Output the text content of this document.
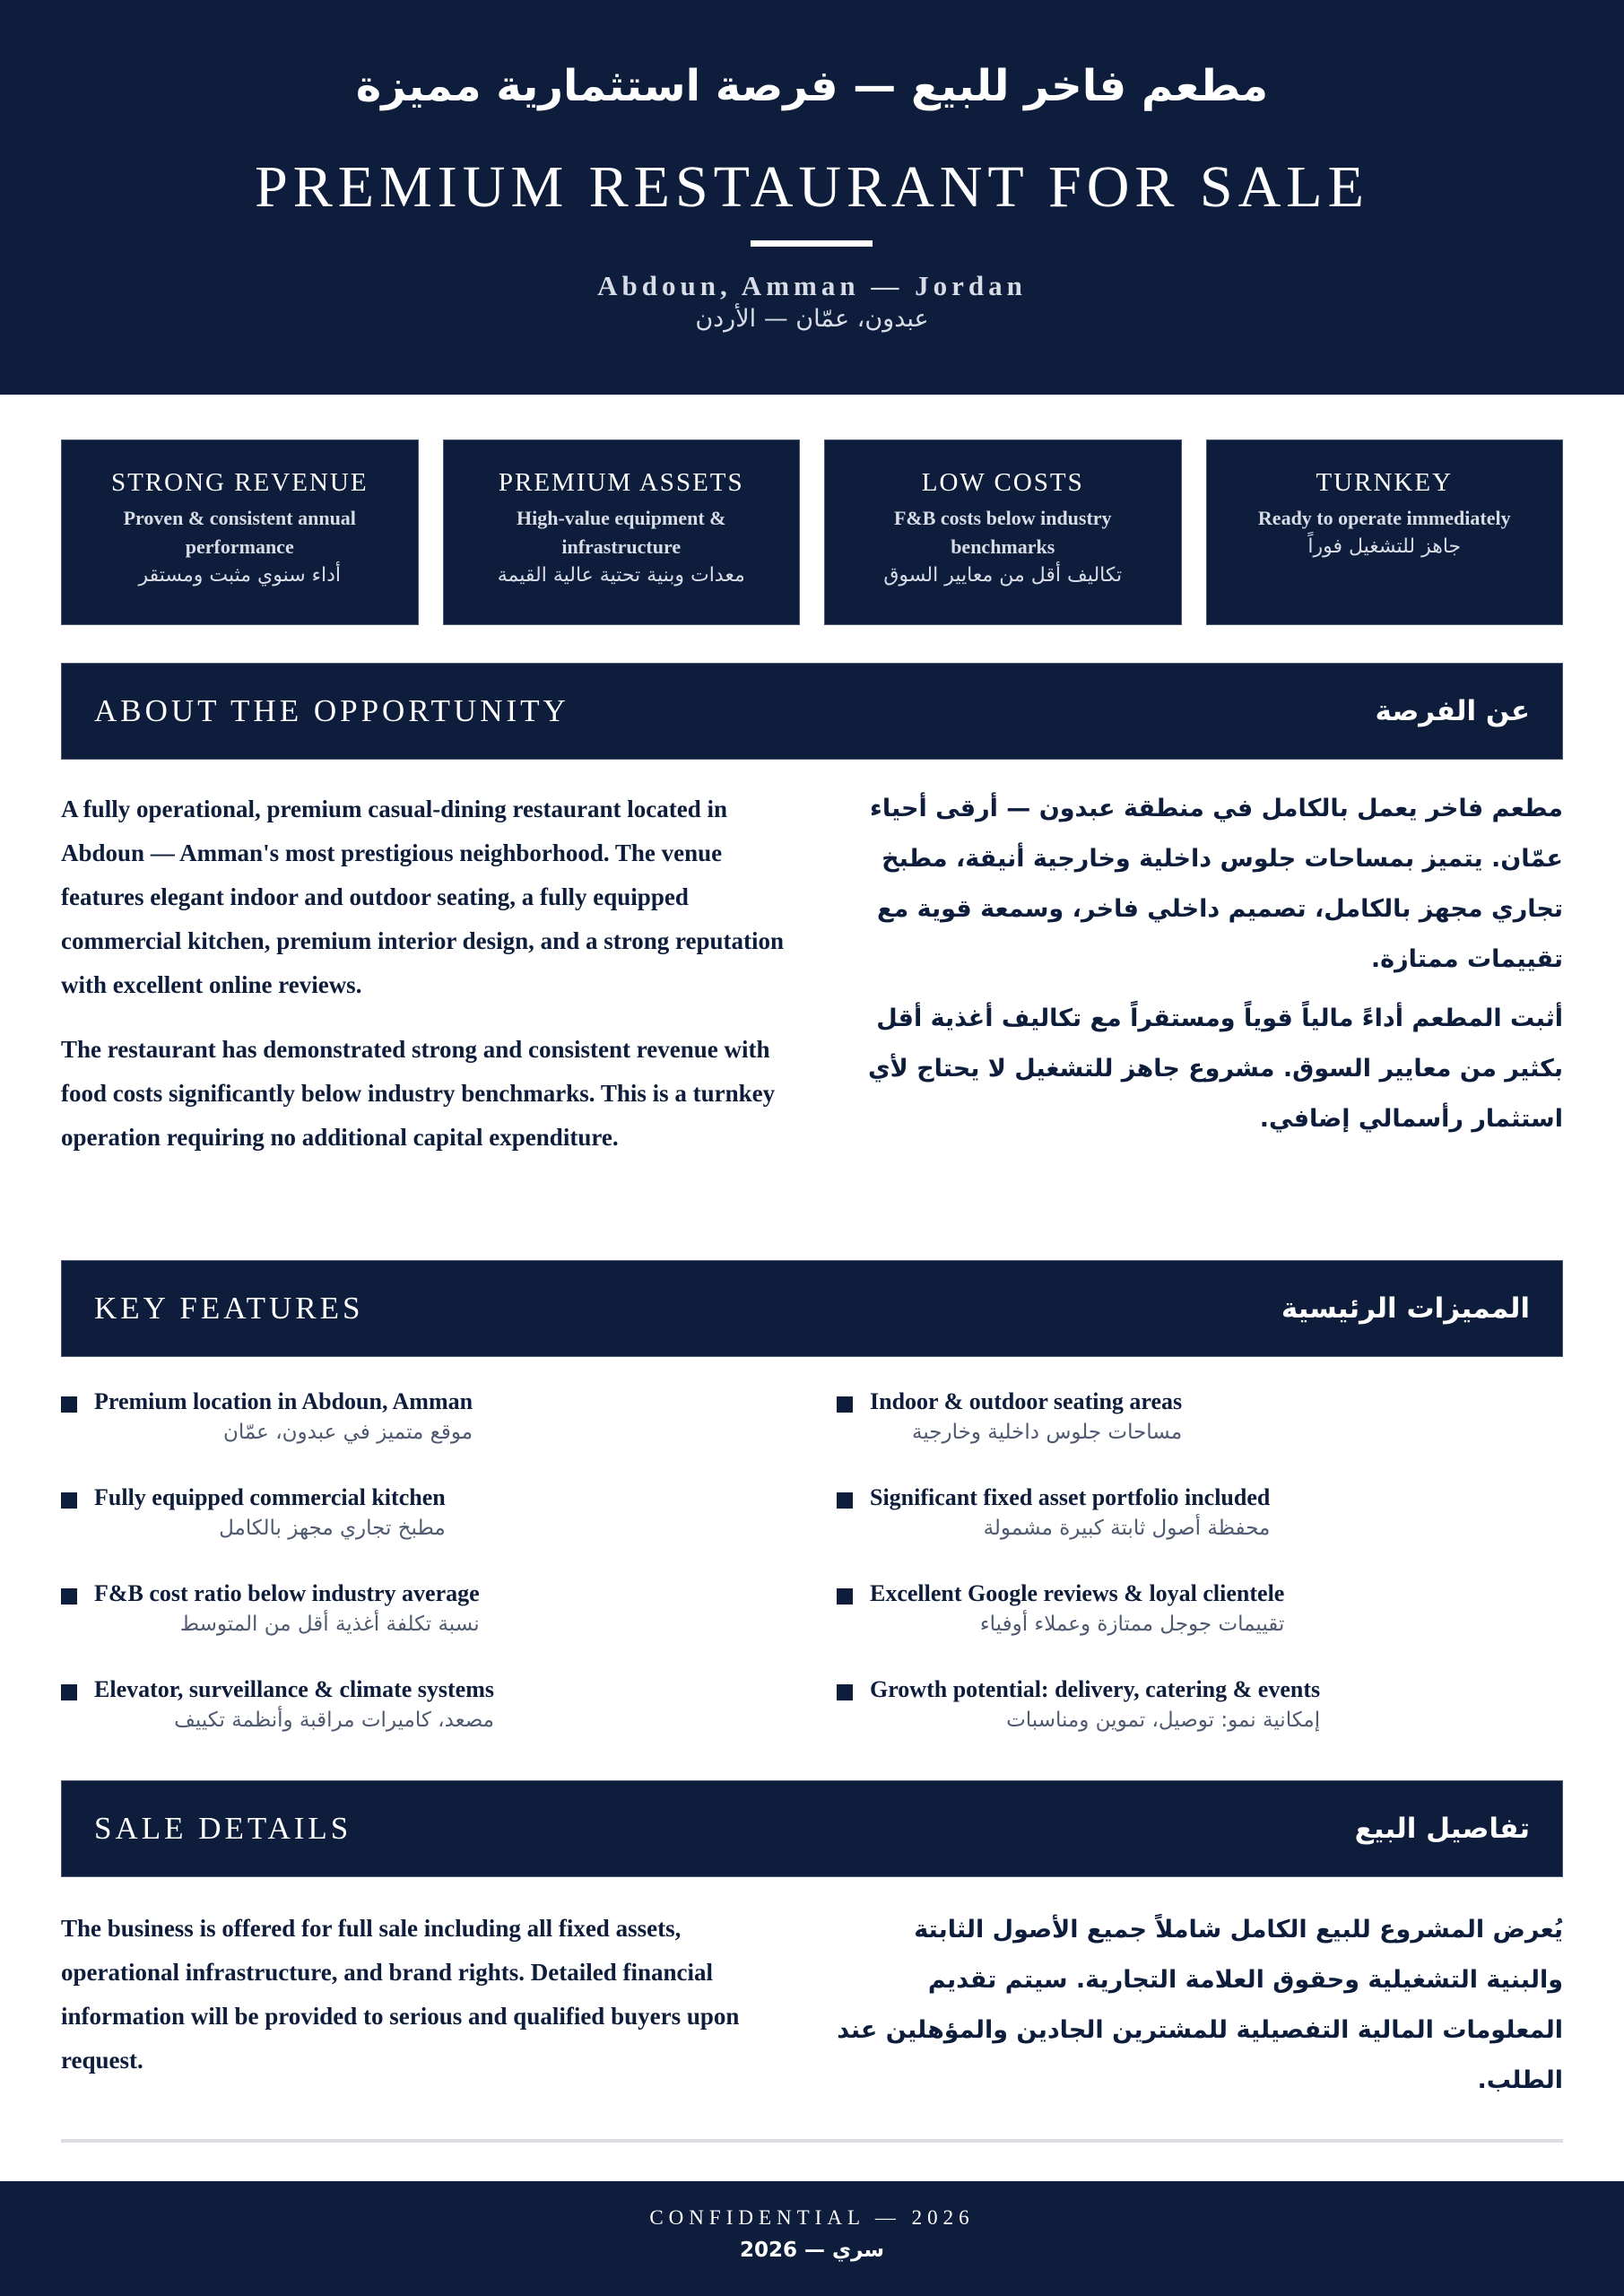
مطعم فاخر للبيع — فرصة استثمارية مميزة
PREMIUM RESTAURANT FOR SALE
Abdoun, Amman — Jordan
عبدون، عمّان — الأردن
STRONG REVENUE
Proven & consistent annual performance
أداء سنوي مثبت ومستقر
PREMIUM ASSETS
High-value equipment & infrastructure
معدات وبنية تحتية عالية القيمة
LOW COSTS
F&B costs below industry benchmarks
تكاليف أقل من معايير السوق
TURNKEY
Ready to operate immediately
جاهز للتشغيل فوراً
ABOUT THE OPPORTUNITY	عن الفرصة

A fully operational, premium casual-dining restaurant located in Abdoun — Amman's most prestigious neighborhood. The venue features elegant indoor and outdoor seating, a fully equipped commercial kitchen, premium interior design, and a strong reputation with excellent online reviews.

The restaurant has demonstrated strong and consistent revenue with food costs significantly below industry benchmarks. This is a turnkey operation requiring no additional capital expenditure.

مطعم فاخر يعمل بالكامل في منطقة عبدون — أرقى أحياء عمّان. يتميز بمساحات جلوس داخلية وخارجية أنيقة، مطبخ تجاري مجهز بالكامل، تصميم داخلي فاخر، وسمعة قوية مع تقييمات ممتازة.

أثبت المطعم أداءً مالياً قوياً ومستقراً مع تكاليف أغذية أقل بكثير من معايير السوق. مشروع جاهز للتشغيل لا يحتاج لأي استثمار رأسمالي إضافي.

KEY FEATURES	المميزات الرئيسية
Premium location in Abdoun, Amman
موقع متميز في عبدون، عمّان
Indoor & outdoor seating areas
مساحات جلوس داخلية وخارجية
Fully equipped commercial kitchen
مطبخ تجاري مجهز بالكامل
Significant fixed asset portfolio included
محفظة أصول ثابتة كبيرة مشمولة
F&B cost ratio below industry average
نسبة تكلفة أغذية أقل من المتوسط
Excellent Google reviews & loyal clientele
تقييمات جوجل ممتازة وعملاء أوفياء
Elevator, surveillance & climate systems
مصعد، كاميرات مراقبة وأنظمة تكييف
Growth potential: delivery, catering & events
إمكانية نمو: توصيل، تموين ومناسبات
SALE DETAILS	تفاصيل البيع

The business is offered for full sale including all fixed assets, operational infrastructure, and brand rights. Detailed financial information will be provided to serious and qualified buyers upon request.

يُعرض المشروع للبيع الكامل شاملاً جميع الأصول الثابتة والبنية التشغيلية وحقوق العلامة التجارية. سيتم تقديم المعلومات المالية التفصيلية للمشترين الجادين والمؤهلين عند الطلب.

CONFIDENTIAL — 2026
سري — 2026
